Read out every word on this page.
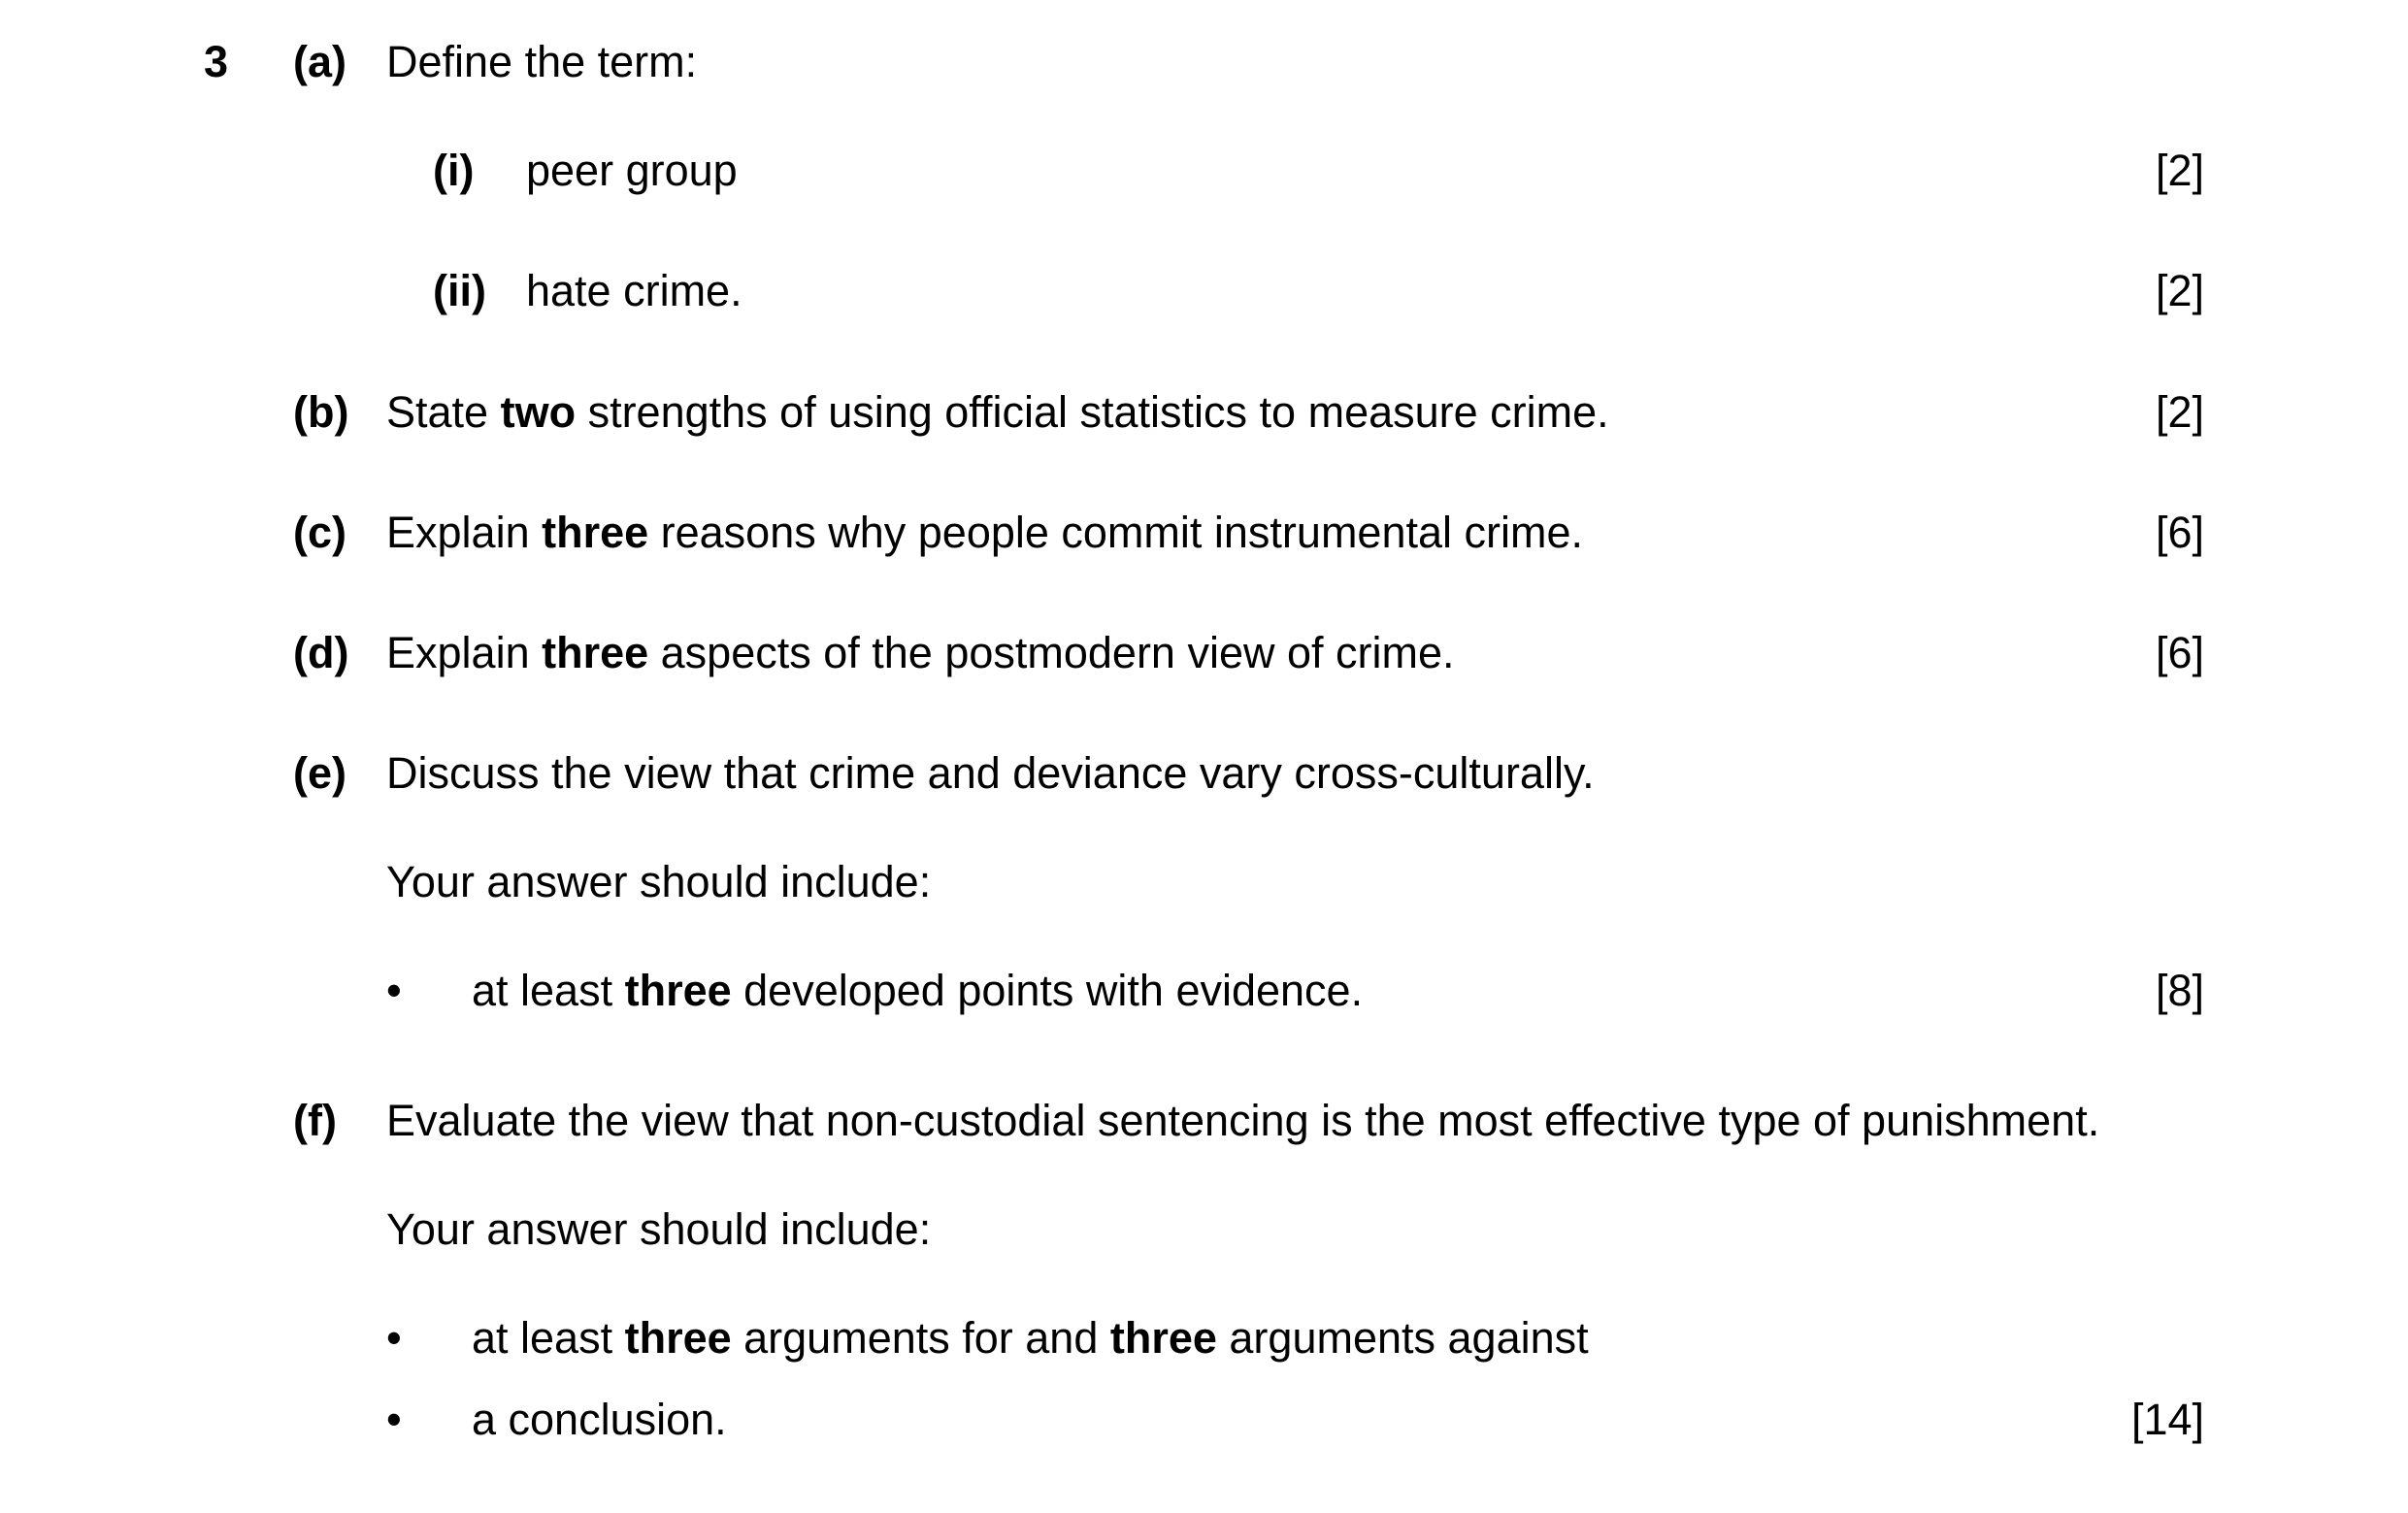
3 (a) Define the term:
(i) peer group	[2]
(ii) hate crime.	[2]
(b) State two strengths of using official statistics to measure crime.	[2]
(c) Explain three reasons why people commit instrumental crime.	[6]
(d) Explain three aspects of the postmodern view of crime.	[6]
(e) Discuss the view that crime and deviance vary cross-culturally.
Your answer should include:
• at least three developed points with evidence.	[8]
(f) Evaluate the view that non-custodial sentencing is the most effective type of punishment.
Your answer should include:
• at least three arguments for and three arguments against
• a conclusion.	[14]
